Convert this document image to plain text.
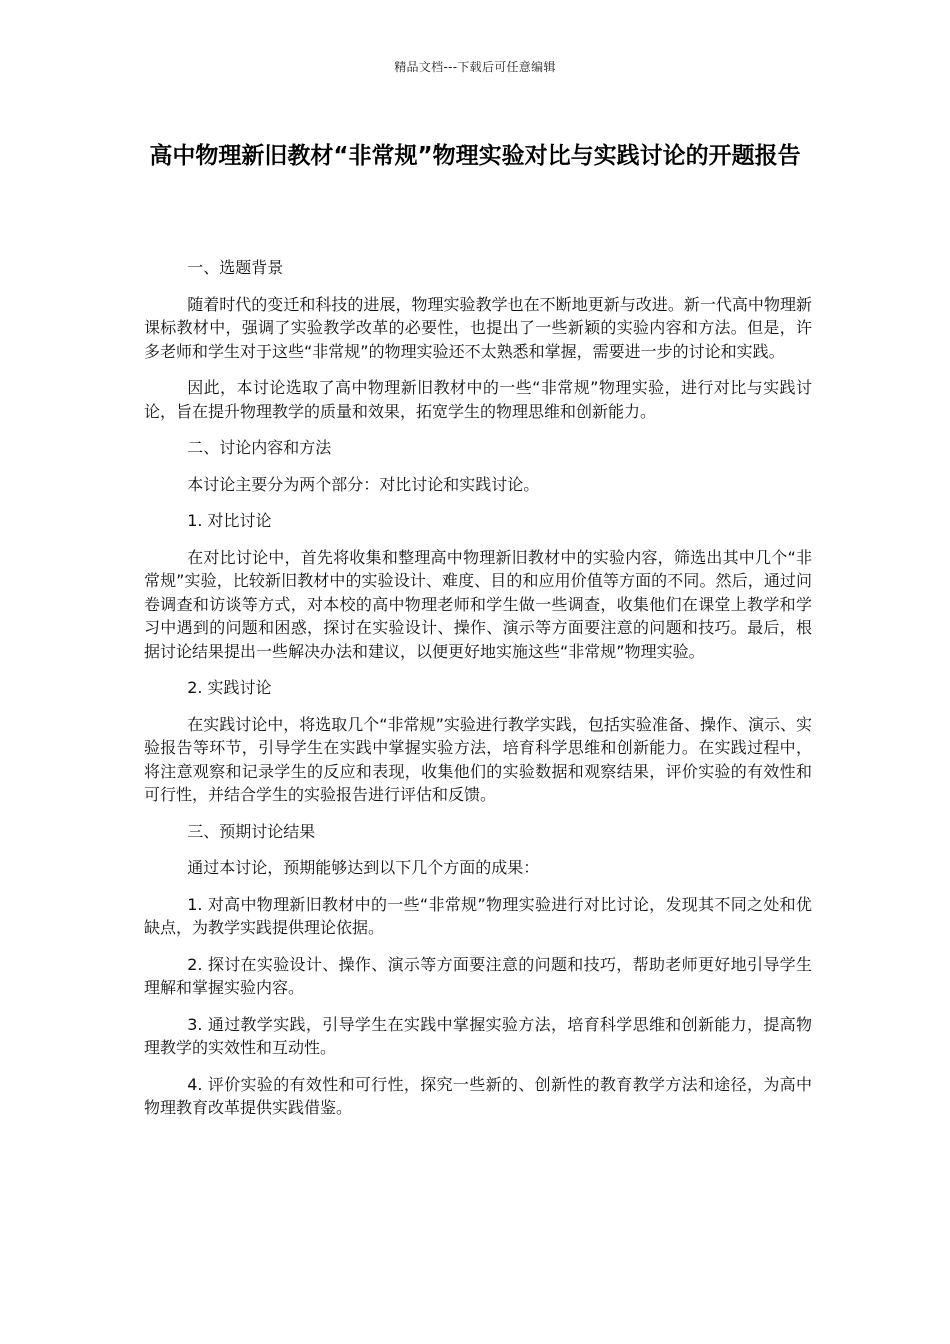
精品文档---下载后可任意编辑
高中物理新旧教材“非常规”物理实验对比与实践讨论的开题报告

一、选题背景

随着时代的变迁和科技的进展，物理实验教学也在不断地更新与改进。新一代高中物理新课标教材中，强调了实验教学改革的必要性，也提出了一些新颖的实验内容和方法。但是，许多老师和学生对于这些“非常规”的物理实验还不太熟悉和掌握，需要进一步的讨论和实践。

因此，本讨论选取了高中物理新旧教材中的一些“非常规”物理实验，进行对比与实践讨论，旨在提升物理教学的质量和效果，拓宽学生的物理思维和创新能力。

二、讨论内容和方法

本讨论主要分为两个部分：对比讨论和实践讨论。

1. 对比讨论

在对比讨论中，首先将收集和整理高中物理新旧教材中的实验内容，筛选出其中几个“非常规”实验，比较新旧教材中的实验设计、难度、目的和应用价值等方面的不同。然后，通过问卷调查和访谈等方式，对本校的高中物理老师和学生做一些调查，收集他们在课堂上教学和学习中遇到的问题和困惑，探讨在实验设计、操作、演示等方面要注意的问题和技巧。最后，根据讨论结果提出一些解决办法和建议，以便更好地实施这些“非常规”物理实验。

2. 实践讨论

在实践讨论中，将选取几个“非常规”实验进行教学实践，包括实验准备、操作、演示、实验报告等环节，引导学生在实践中掌握实验方法，培育科学思维和创新能力。在实践过程中，将注意观察和记录学生的反应和表现，收集他们的实验数据和观察结果，评价实验的有效性和可行性，并结合学生的实验报告进行评估和反馈。

三、预期讨论结果

通过本讨论，预期能够达到以下几个方面的成果：

1. 对高中物理新旧教材中的一些“非常规”物理实验进行对比讨论，发现其不同之处和优缺点，为教学实践提供理论依据。

2. 探讨在实验设计、操作、演示等方面要注意的问题和技巧，帮助老师更好地引导学生理解和掌握实验内容。

3. 通过教学实践，引导学生在实践中掌握实验方法，培育科学思维和创新能力，提高物理教学的实效性和互动性。

4. 评价实验的有效性和可行性，探究一些新的、创新性的教育教学方法和途径，为高中物理教育改革提供实践借鉴。
